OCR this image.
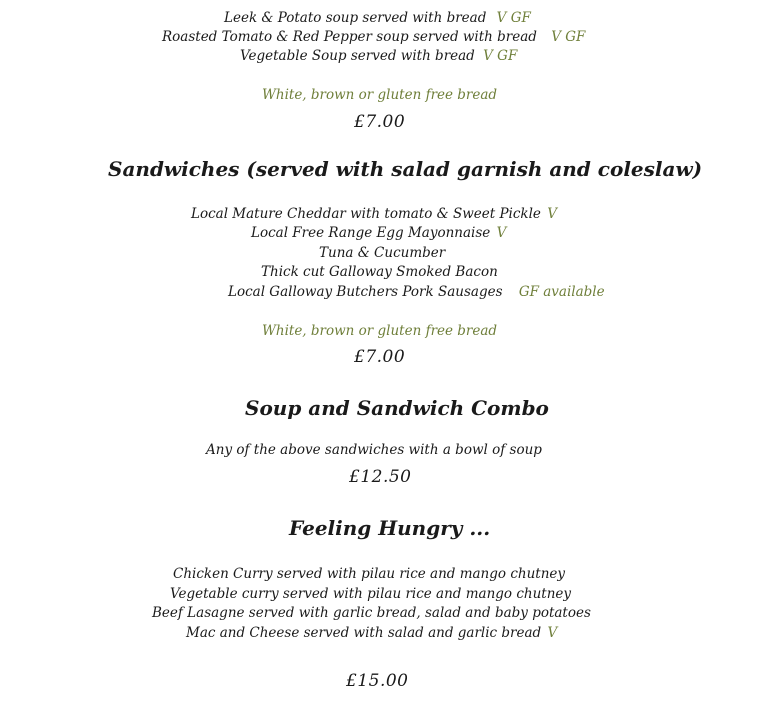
Leek & Potato soup served with bread V GF
Roasted Tomato & Red Pepper soup served with bread V GF
Vegetable Soup served with bread V GF
White, brown or gluten free bread
£7.00
Sandwiches (served with salad garnish and coleslaw)
Local Mature Cheddar with tomato & Sweet Pickle V
Local Free Range Egg Mayonnaise V
Tuna & Cucumber
Thick cut Galloway Smoked Bacon
Local Galloway Butchers Pork Sausages GF available
White, brown or gluten free bread
£7.00
Soup and Sandwich Combo
Any of the above sandwiches with a bowl of soup
£12.50
Feeling Hungry ...
Chicken Curry served with pilau rice and mango chutney
Vegetable curry served with pilau rice and mango chutney
Beef Lasagne served with garlic bread, salad and baby potatoes
Mac and Cheese served with salad and garlic bread V
£15.00
